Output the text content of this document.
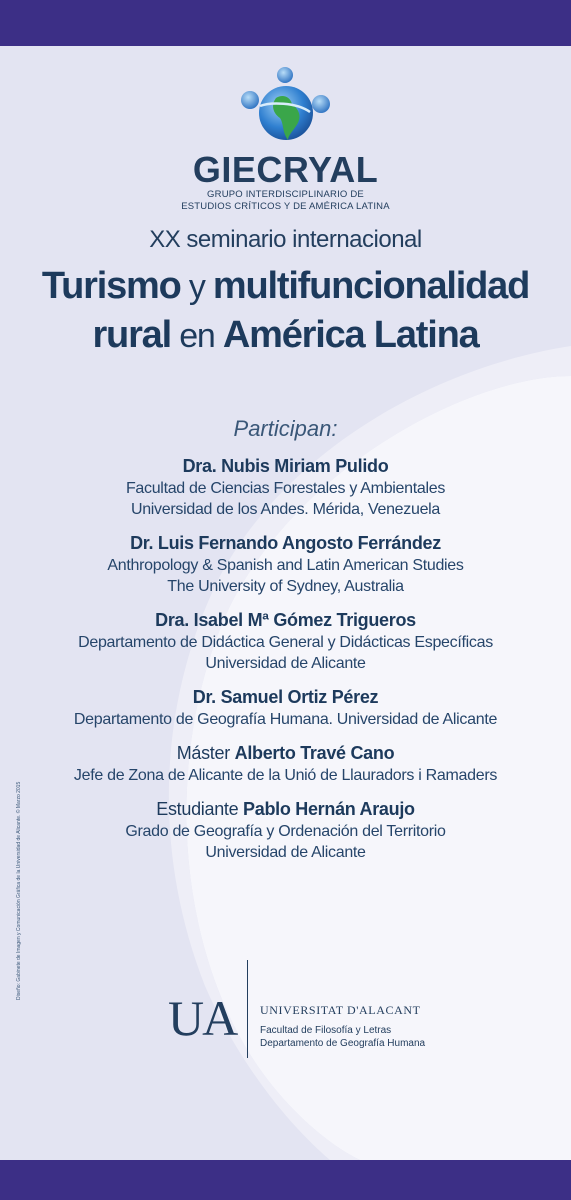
GIECRYAL
GRUPO INTERDISCIPLINARIO DE
ESTUDIOS CRÍTICOS Y DE AMÉRICA LATINA
XX seminario internacional
Turismo y multifuncionalidad
rural en América Latina
Participan:
Dra. Nubis Miriam Pulido
Facultad de Ciencias Forestales y Ambientales
Universidad de los Andes. Mérida, Venezuela
Dr. Luis Fernando Angosto Ferrández
Anthropology & Spanish and Latin American Studies
The University of Sydney, Australia
Dra. Isabel Mª Gómez Trigueros
Departamento de Didáctica General y Didácticas Específicas
Universidad de Alicante
Dr. Samuel Ortiz Pérez
Departamento de Geografía Humana. Universidad de Alicante
Máster Alberto Travé Cano
Jefe de Zona de Alicante de la Unió de Llauradors i Ramaders
Estudiante Pablo Hernán Araujo
Grado de Geografía y Ordenación del Territorio
Universidad de Alicante
Diseño: Gabinete de Imagen y Comunicación Gráfica de la Universidad de Alicante. © Marzo 2015
UA UNIVERSITAT D'ALACANT
Facultad de Filosofía y Letras
Departamento de Geografía Humana
